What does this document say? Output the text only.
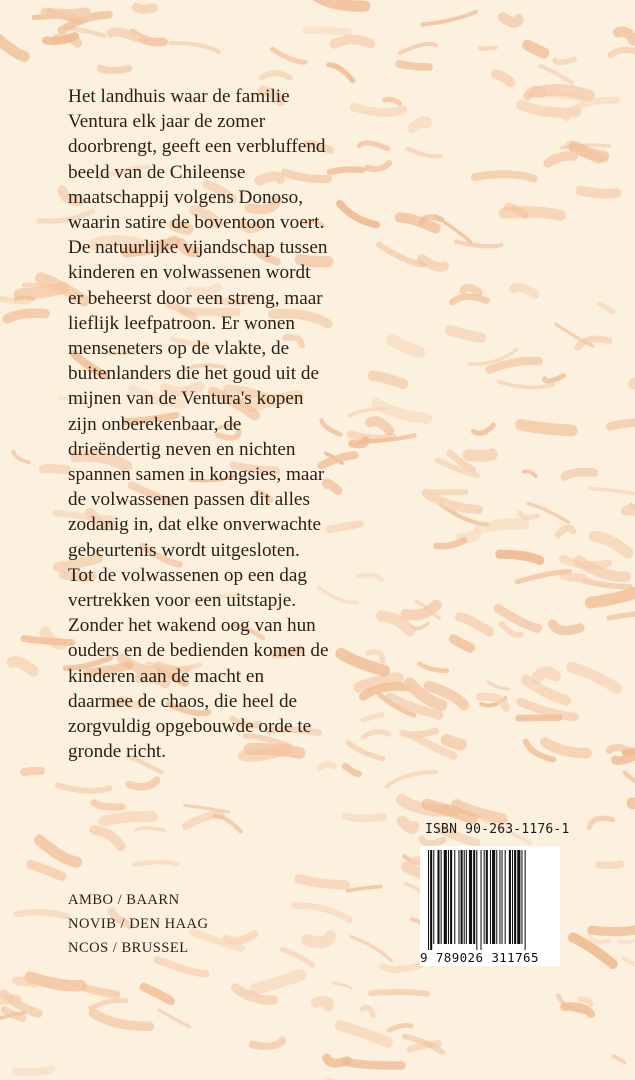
Het landhuis waar de familie
Ventura elk jaar de zomer
doorbrengt, geeft een verbluffend
beeld van de Chileense
maatschappij volgens Donoso,
waarin satire de boventoon voert.
De natuurlijke vijandschap tussen
kinderen en volwassenen wordt
er beheerst door een streng, maar
lieflijk leefpatroon. Er wonen
menseneters op de vlakte, de
buitenlanders die het goud uit de
mijnen van de Ventura's kopen
zijn onberekenbaar, de
drieëndertig neven en nichten
spannen samen in kongsies, maar
de volwassenen passen dit alles
zodanig in, dat elke onverwachte
gebeurtenis wordt uitgesloten.
Tot de volwassenen op een dag
vertrekken voor een uitstapje.
Zonder het wakend oog van hun
ouders en de bedienden komen de
kinderen aan de macht en
daarmee de chaos, die heel de
zorgvuldig opgebouwde orde te
gronde richt.

AMBO / BAARN
NOVIB / DEN HAAG
NCOS / BRUSSEL
ISBN 90-263-1176-1
9 789026 311765
